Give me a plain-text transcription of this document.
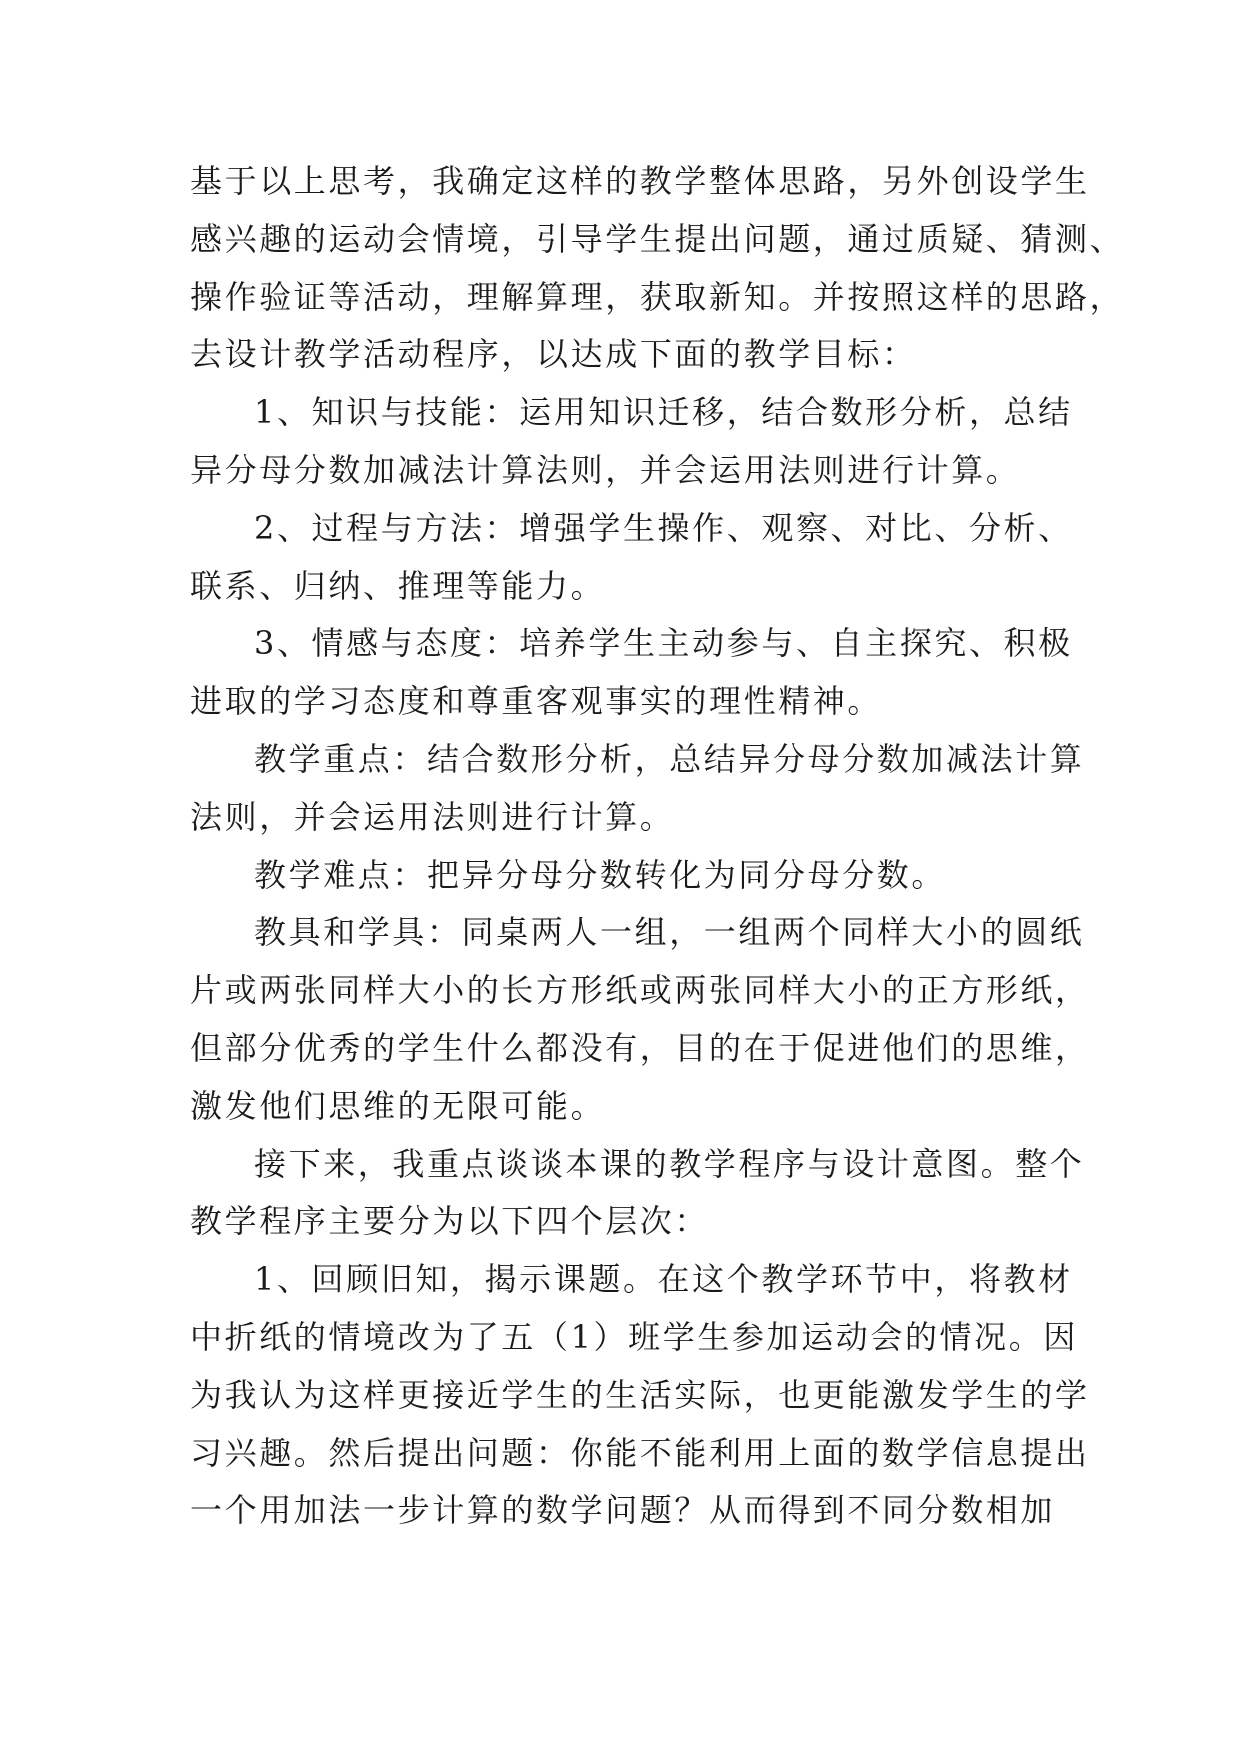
基于以上思考，我确定这样的教学整体思路，另外创设学生
感兴趣的运动会情境，引导学生提出问题，通过质疑、猜测、
操作验证等活动，理解算理，获取新知。并按照这样的思路，
去设计教学活动程序，以达成下面的教学目标：
1、知识与技能：运用知识迁移，结合数形分析，总结
异分母分数加减法计算法则，并会运用法则进行计算。
2、过程与方法：增强学生操作、观察、对比、分析、
联系、归纳、推理等能力。
3、情感与态度：培养学生主动参与、自主探究、积极
进取的学习态度和尊重客观事实的理性精神。
教学重点：结合数形分析，总结异分母分数加减法计算
法则，并会运用法则进行计算。
教学难点：把异分母分数转化为同分母分数。
教具和学具：同桌两人一组，一组两个同样大小的圆纸
片或两张同样大小的长方形纸或两张同样大小的正方形纸，
但部分优秀的学生什么都没有，目的在于促进他们的思维，
激发他们思维的无限可能。
接下来，我重点谈谈本课的教学程序与设计意图。整个
教学程序主要分为以下四个层次：
1、回顾旧知，揭示课题。在这个教学环节中，将教材
中折纸的情境改为了五（1）班学生参加运动会的情况。因
为我认为这样更接近学生的生活实际，也更能激发学生的学
习兴趣。然后提出问题：你能不能利用上面的数学信息提出
一个用加法一步计算的数学问题？从而得到不同分数相加
